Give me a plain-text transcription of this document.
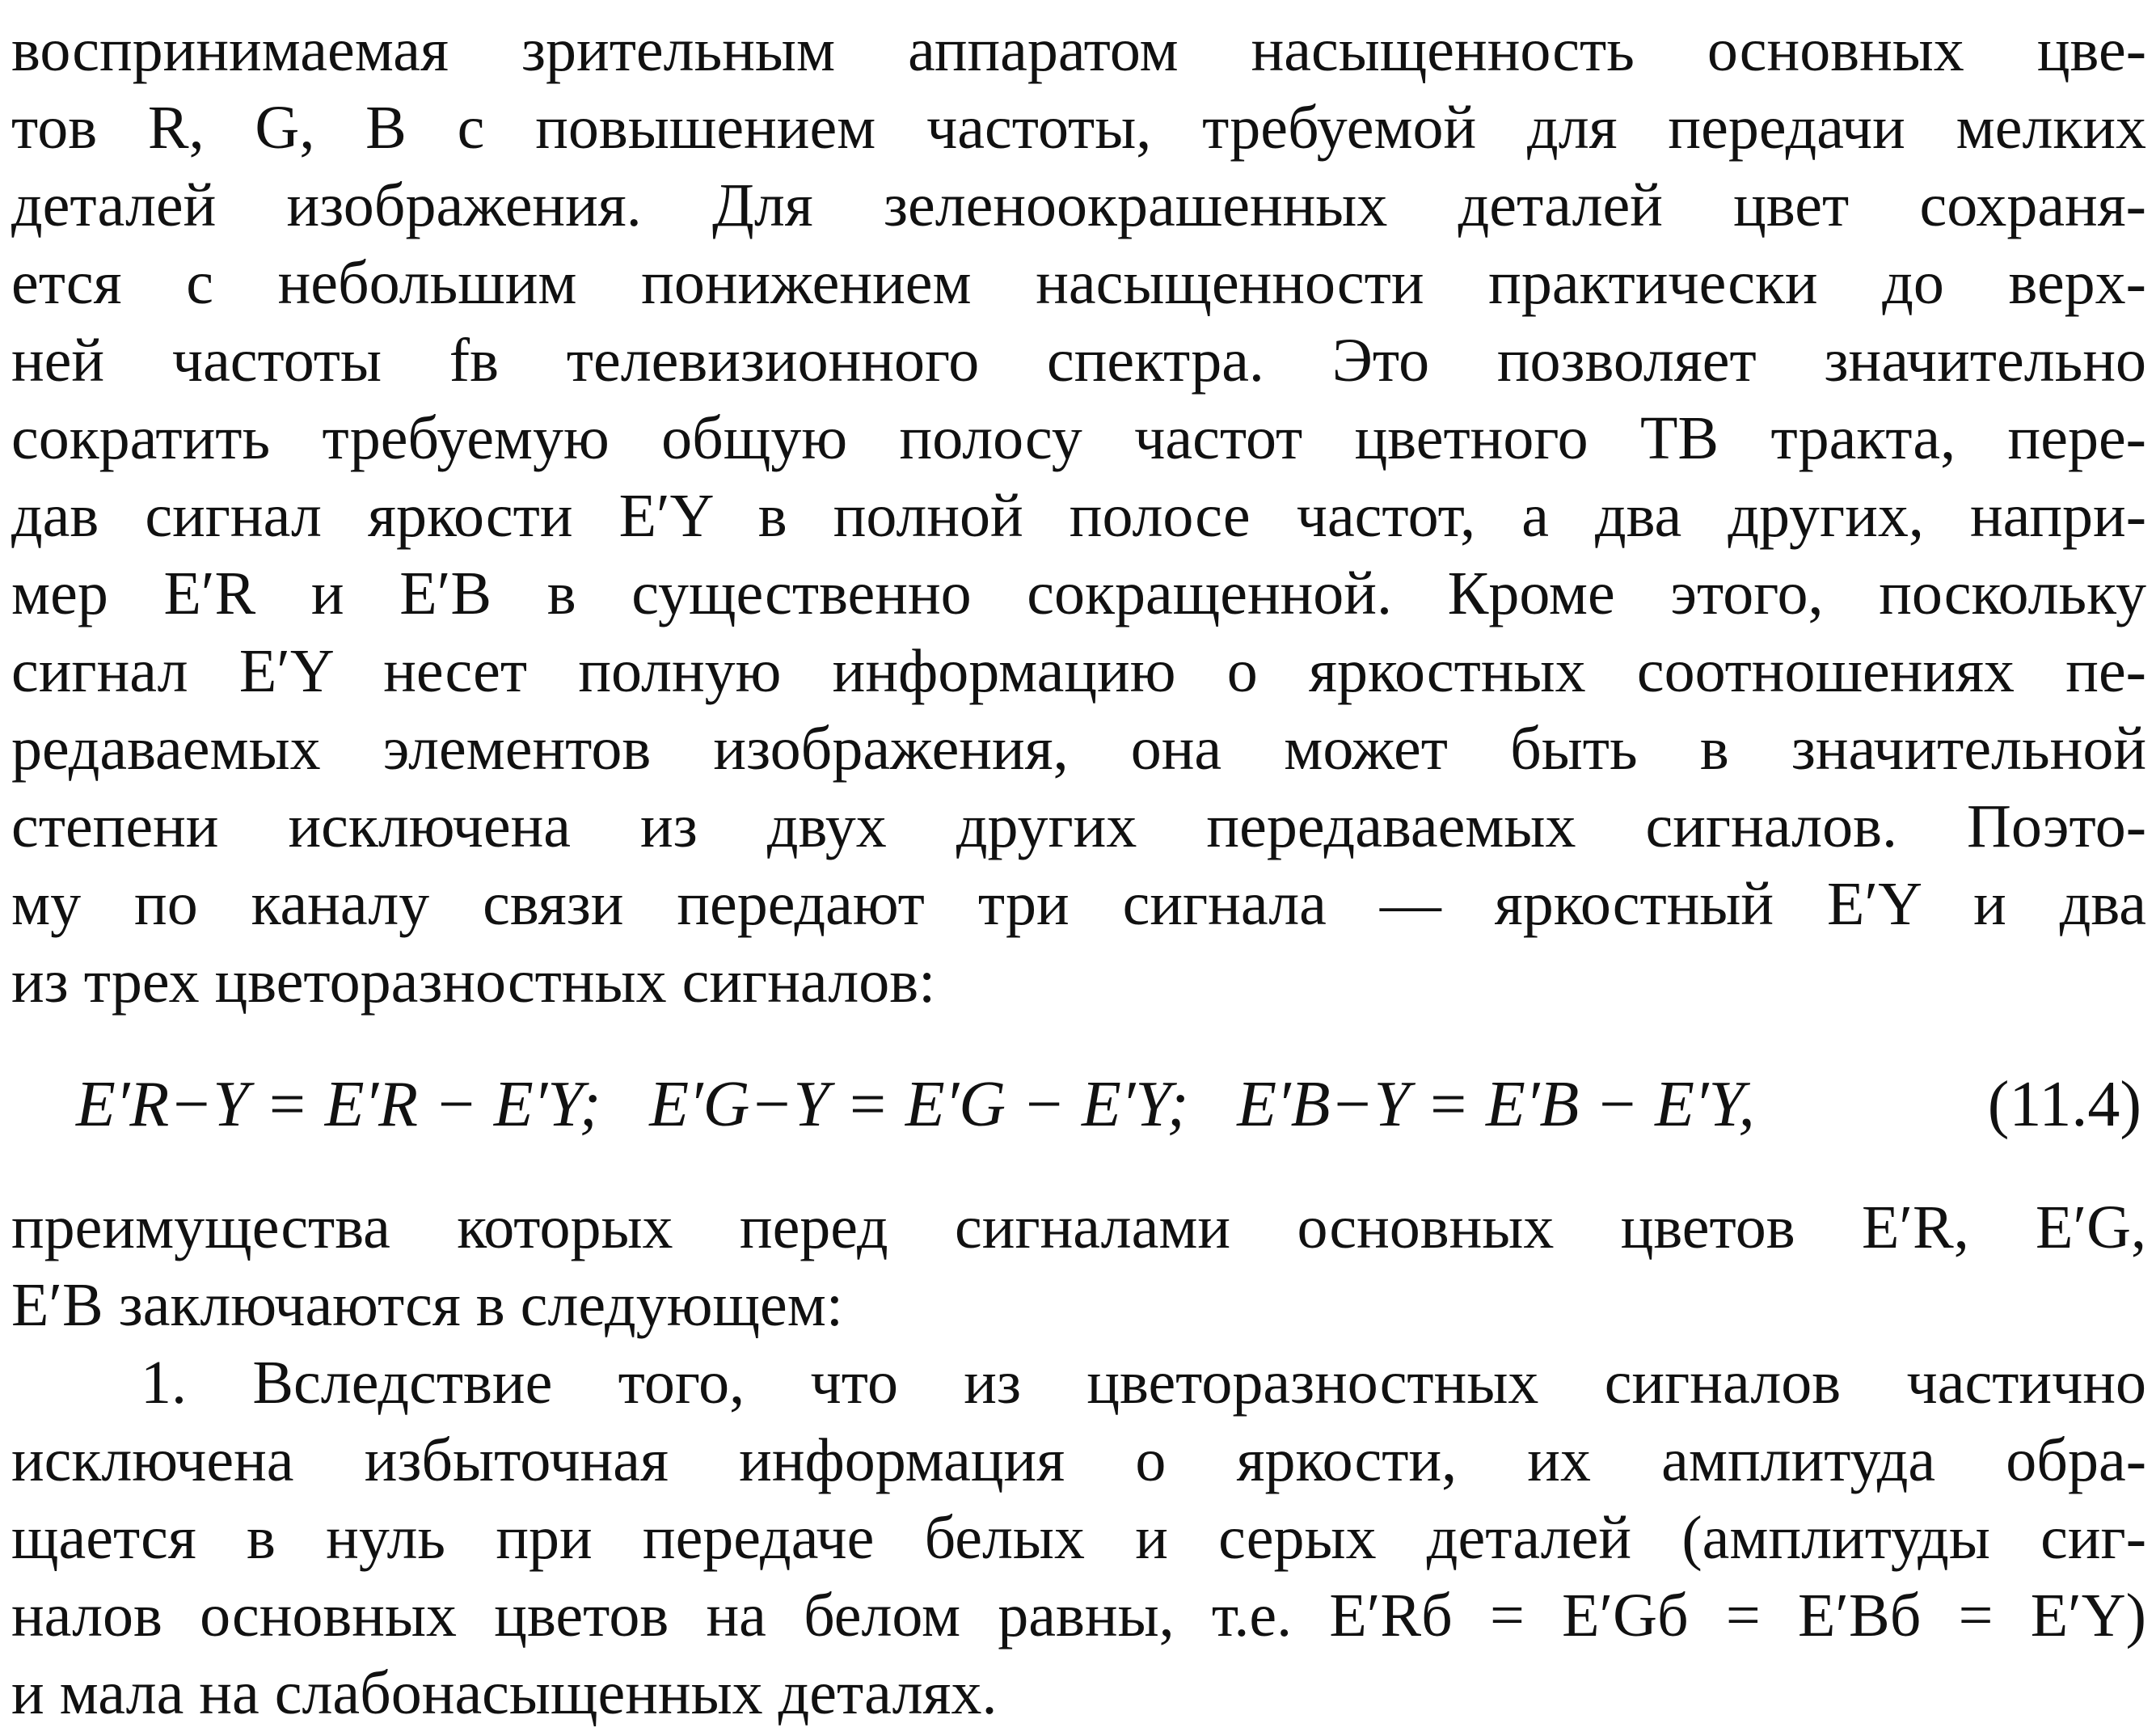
воспринимаемая зрительным аппаратом насыщенность основных цве-
тов R, G, B с повышением частоты, требуемой для передачи мелких
деталей изображения. Для зеленоокрашенных деталей цвет сохраня-
ется с небольшим понижением насыщенности практически до верх-
ней частоты fв телевизионного спектра. Это позволяет значительно
сократить требуемую общую полосу частот цветного ТВ тракта, пере-
дав сигнал яркости E′Y в полной полосе частот, а два других, напри-
мер E′R и E′B в существенно сокращенной. Кроме этого, поскольку
сигнал E′Y несет полную информацию о яркостных соотношениях пе-
редаваемых элементов изображения, она может быть в значительной
степени исключена из двух других передаваемых сигналов. Поэто-
му по каналу связи передают три сигнала — яркостный E′Y и два
из трех цветоразностных сигналов:
E′R−Y = E′R − E′Y; E′G−Y = E′G − E′Y; E′B−Y = E′B − E′Y,	(11.4)
преимущества которых перед сигналами основных цветов E′R, E′G,
E′B заключаются в следующем:
1. Вследствие того, что из цветоразностных сигналов частично
исключена избыточная информация о яркости, их амплитуда обра-
щается в нуль при передаче белых и серых деталей (амплитуды сиг-
налов основных цветов на белом равны, т.е. E′Rб = E′Gб = E′Bб = E′Y)
и мала на слабонасыщенных деталях.
